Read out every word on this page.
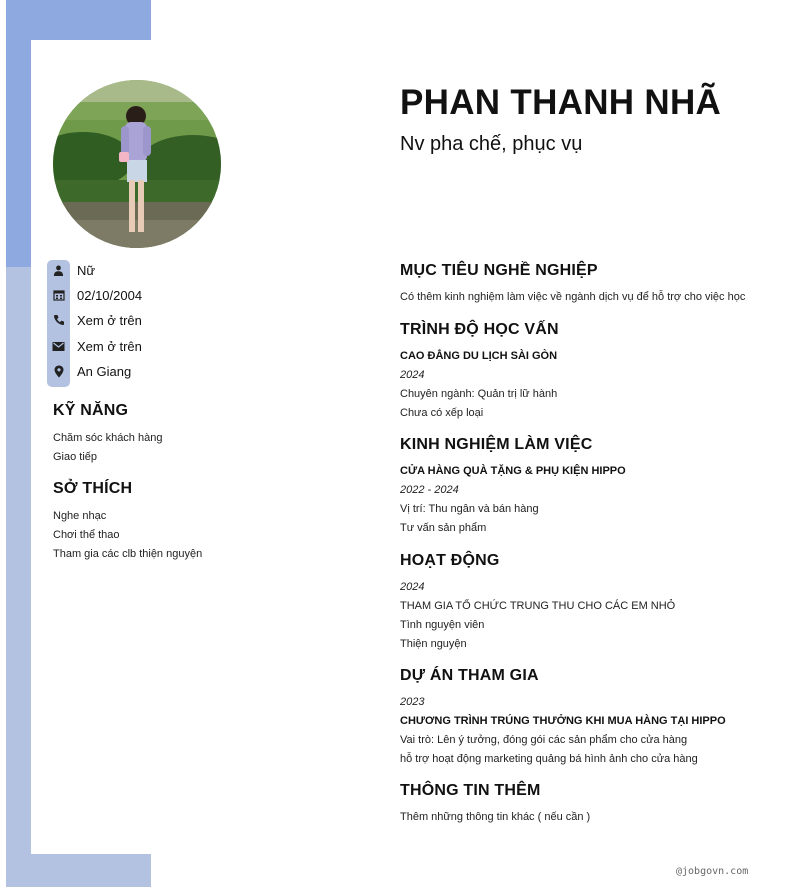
Nữ
02/10/2004
Xem ở trên
Xem ở trên
An Giang
KỸ NĂNG

Chăm sóc khách hàng

Giao tiếp

SỞ THÍCH

Nghe nhạc

Chơi thể thao

Tham gia các clb thiện nguyện

PHAN THANH NHÃ

Nv pha chế, phục vụ

MỤC TIÊU NGHỀ NGHIỆP

Có thêm kinh nghiệm làm việc về ngành dịch vụ để hỗ trợ cho việc học

TRÌNH ĐỘ HỌC VẤN

CAO ĐẲNG DU LỊCH SÀI GÒN

2024

Chuyên ngành: Quản trị lữ hành

Chưa có xếp loại

KINH NGHIỆM LÀM VIỆC

CỬA HÀNG QUÀ TẶNG & PHỤ KIỆN HIPPO

2022 - 2024

Vị trí: Thu ngân và bán hàng

Tư vấn sản phẩm

HOẠT ĐỘNG

2024

THAM GIA TỔ CHỨC TRUNG THU CHO CÁC EM NHỎ

Tình nguyện viên

Thiện nguyện

DỰ ÁN THAM GIA

2023

CHƯƠNG TRÌNH TRÚNG THƯỞNG KHI MUA HÀNG TẠI HIPPO

Vai trò: Lên ý tưởng, đóng gói các sản phẩm cho cửa hàng

hỗ trợ hoạt động marketing quảng bá hình ảnh cho cửa hàng

THÔNG TIN THÊM

Thêm những thông tin khác ( nếu cần )

@jobgovn.com
